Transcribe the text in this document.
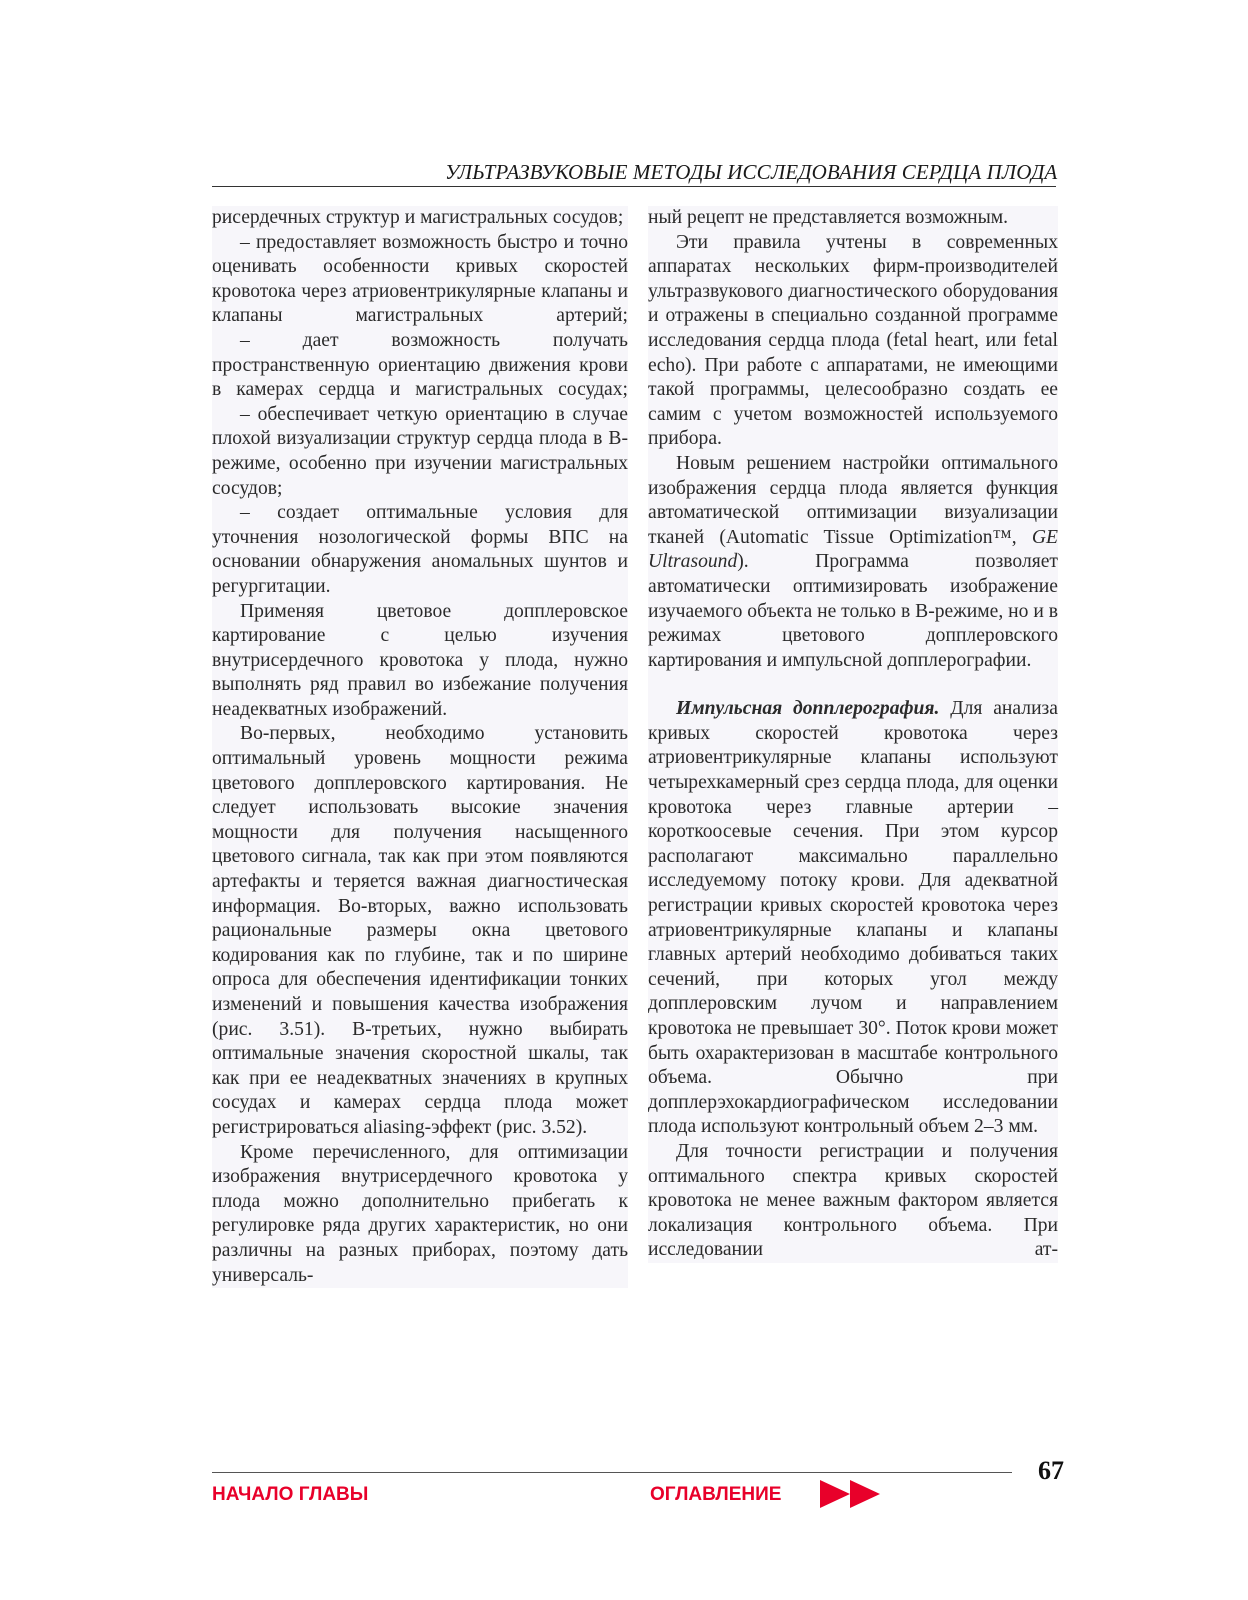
УЛЬТРАЗВУКОВЫЕ МЕТОДЫ ИССЛЕДОВАНИЯ СЕРДЦА ПЛОДА

рисердечных структур и магистральных сосудов;

– предоставляет возможность быстро и точно оценивать особенности кривых скоростей кровотока через атриовентрикулярные клапаны и клапаны магистральных артерий;

– дает возможность получать пространственную ориентацию движения крови в камерах сердца и магистральных сосудах;

– обеспечивает четкую ориентацию в случае плохой визуализации структур сердца плода в В-режиме, особенно при изучении магистральных сосудов;

– создает оптимальные условия для уточнения нозологической формы ВПС на основании обнаружения аномальных шунтов и регургитации.

Применяя цветовое допплеровское картирование с целью изучения внутрисердечного кровотока у плода, нужно выполнять ряд правил во избежание получения неадекватных изображений.

Во-первых, необходимо установить оптимальный уровень мощности режима цветового допплеровского картирования. Не следует использовать высокие значения мощности для получения насыщенного цветового сигнала, так как при этом появляются артефакты и теряется важная диагностическая информация. Во-вторых, важно использовать рациональные размеры окна цветового кодирования как по глубине, так и по ширине опроса для обеспечения идентификации тонких изменений и повышения качества изображения (рис. 3.51). В-третьих, нужно выбирать оптимальные значения скоростной шкалы, так как при ее неадекватных значениях в крупных сосудах и камерах сердца плода может регистрироваться aliasing-эффект (рис. 3.52).

Кроме перечисленного, для оптимизации изображения внутрисердечного кровотока у плода можно дополнительно прибегать к регулировке ряда других характеристик, но они различны на разных приборах, поэтому дать универсаль-

ный рецепт не представляется возможным.

Эти правила учтены в современных аппаратах нескольких фирм-производителей ультразвукового диагностического оборудования и отражены в специально созданной программе исследования сердца плода (fetal heart, или fetal echo). При работе с аппаратами, не имеющими такой программы, целесообразно создать ее самим с учетом возможностей используемого прибора.

Новым решением настройки оптимального изображения сердца плода является функция автоматической оптимизации визуализации тканей (Automatic Tissue Optimization™, GE Ultrasound). Программа позволяет автоматически оптимизировать изображение изучаемого объекта не только в В-режиме, но и в режимах цветового допплеровского картирования и импульсной допплерографии.

Импульсная допплерография. Для анализа кривых скоростей кровотока через атриовентрикулярные клапаны используют четырехкамерный срез сердца плода, для оценки кровотока через главные артерии – короткоосевые сечения. При этом курсор располагают максимально параллельно исследуемому потоку крови. Для адекватной регистрации кривых скоростей кровотока через атриовентрикулярные клапаны и клапаны главных артерий необходимо добиваться таких сечений, при которых угол между допплеровским лучом и направлением кровотока не превышает 30°. Поток крови может быть охарактеризован в масштабе контрольного объема. Обычно при допплерэхокардиографическом исследовании плода используют контрольный объем 2–3 мм.

Для точности регистрации и получения оптимального спектра кривых скоростей кровотока не менее важным фактором является локализация контрольного объема. При исследовании ат-

67
НАЧАЛО ГЛАВЫ	ОГЛАВЛЕНИЕ
